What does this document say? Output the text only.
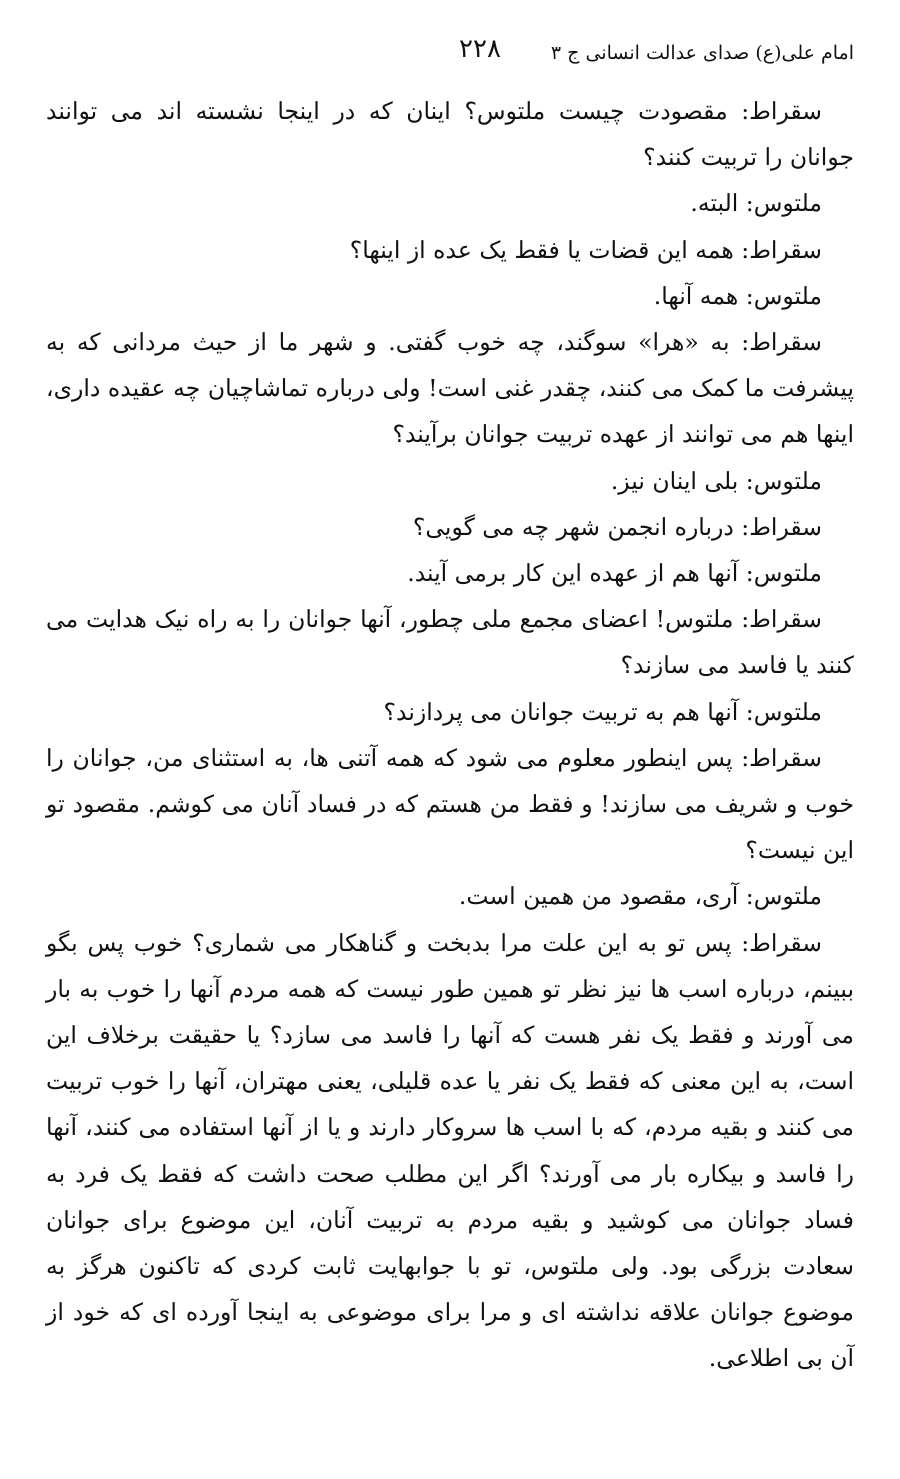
امام علی(ع) صدای عدالت انسانی ج ۳
۲۲۸

سقراط: مقصودت چیست ملتوس؟ اینان که در اینجا نشسته اند می توانند جوانان را تربیت کنند؟

ملتوس: البته.

سقراط: همه این قضات یا فقط یک عده از اینها؟

ملتوس: همه آنها.

سقراط: به «هرا» سوگند، چه خوب گفتی. و شهر ما از حیث مردانی که به پیشرفت ما کمک می کنند، چقدر غنی است! ولی درباره تماشاچیان چه عقیده داری، اینها هم می توانند از عهده تربیت جوانان برآیند؟

ملتوس: بلی اینان نیز.

سقراط: درباره انجمن شهر چه می گویی؟

ملتوس: آنها هم از عهده این کار برمی آیند.

سقراط: ملتوس! اعضای مجمع ملی چطور، آنها جوانان را به راه نیک هدایت می کنند یا فاسد می سازند؟

ملتوس: آنها هم به تربیت جوانان می پردازند؟

سقراط: پس اینطور معلوم می شود که همه آتنی ها، به استثنای من، جوانان را خوب و شریف می سازند! و فقط من هستم که در فساد آنان می کوشم. مقصود تو این نیست؟

ملتوس: آری، مقصود من همین است.

سقراط: پس تو به این علت مرا بدبخت و گناهکار می شماری؟ خوب پس بگو ببینم، درباره اسب ها نیز نظر تو همین طور نیست که همه مردم آنها را خوب به بار می آورند و فقط یک نفر هست که آنها را فاسد می سازد؟ یا حقیقت برخلاف این است، به این معنی که فقط یک نفر یا عده قلیلی، یعنی مهتران، آنها را خوب تربیت می کنند و بقیه مردم، که با اسب ها سروکار دارند و یا از آنها استفاده می کنند، آنها را فاسد و بیکاره بار می آورند؟ اگر این مطلب صحت داشت که فقط یک فرد به فساد جوانان می کوشید و بقیه مردم به تربیت آنان، این موضوع برای جوانان سعادت بزرگی بود. ولی ملتوس، تو با جوابهایت ثابت کردی که تاکنون هرگز به موضوع جوانان علاقه نداشته ای و مرا برای موضوعی به اینجا آورده ای که خود از آن بی اطلاعی.
